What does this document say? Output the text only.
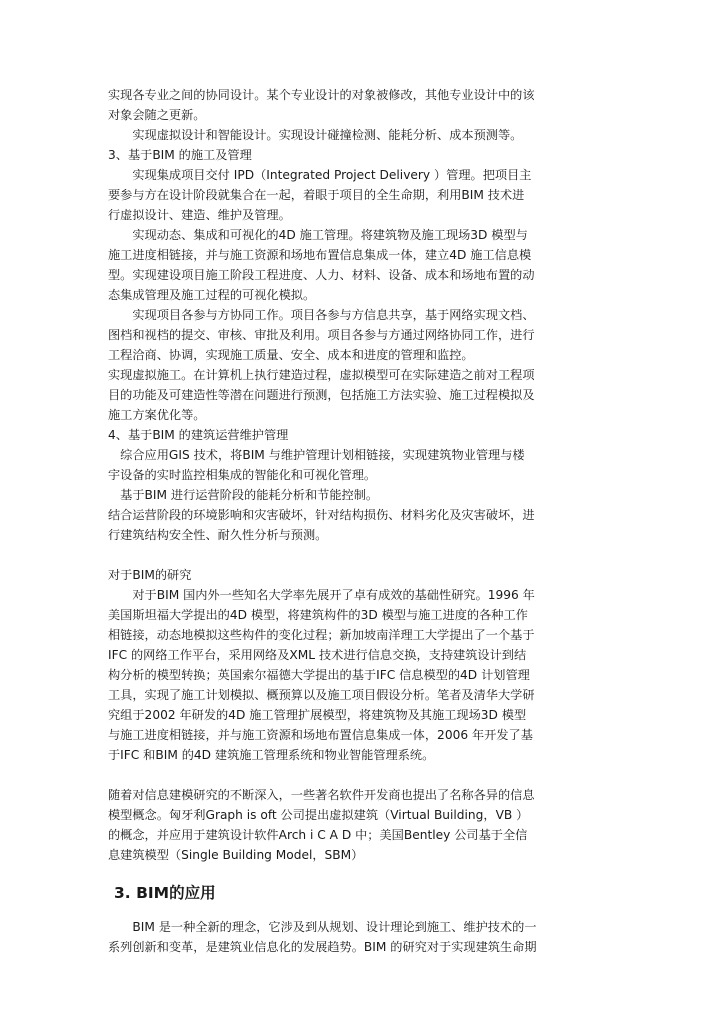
实现各专业之间的协同设计。某个专业设计的对象被修改，其他专业设计中的该
对象会随之更新。
　　实现虚拟设计和智能设计。实现设计碰撞检测、能耗分析、成本预测等。
3、基于BIM 的施工及管理
　　实现集成项目交付 IPD（Integrated Project Delivery ）管理。把项目主
要参与方在设计阶段就集合在一起，着眼于项目的全生命期，利用BIM 技术进
行虚拟设计、建造、维护及管理。
　　实现动态、集成和可视化的4D 施工管理。将建筑物及施工现场3D 模型与
施工进度相链接，并与施工资源和场地布置信息集成一体，建立4D 施工信息模
型。实现建设项目施工阶段工程进度、人力、材料、设备、成本和场地布置的动
态集成管理及施工过程的可视化模拟。
　　实现项目各参与方协同工作。项目各参与方信息共享，基于网络实现文档、
图档和视档的提交、审核、审批及利用。项目各参与方通过网络协同工作，进行
工程洽商、协调，实现施工质量、安全、成本和进度的管理和监控。
实现虚拟施工。在计算机上执行建造过程，虚拟模型可在实际建造之前对工程项
目的功能及可建造性等潜在问题进行预测，包括施工方法实验、施工过程模拟及
施工方案优化等。
4、基于BIM 的建筑运营维护管理
　综合应用GIS 技术，将BIM 与维护管理计划相链接，实现建筑物业管理与楼
宇设备的实时监控相集成的智能化和可视化管理。
　基于BIM 进行运营阶段的能耗分析和节能控制。
结合运营阶段的环境影响和灾害破坏，针对结构损伤、材料劣化及灾害破坏，进
行建筑结构安全性、耐久性分析与预测。
对于BIM的研究
　　对于BIM 国内外一些知名大学率先展开了卓有成效的基础性研究。1996 年
美国斯坦福大学提出的4D 模型，将建筑构件的3D 模型与施工进度的各种工作
相链接，动态地模拟这些构件的变化过程；新加坡南洋理工大学提出了一个基于
IFC 的网络工作平台，采用网络及XML 技术进行信息交换，支持建筑设计到结
构分析的模型转换；英国索尔福德大学提出的基于IFC 信息模型的4D 计划管理
工具，实现了施工计划模拟、概预算以及施工项目假设分析。笔者及清华大学研
究组于2002 年研发的4D 施工管理扩展模型，将建筑物及其施工现场3D 模型
与施工进度相链接，并与施工资源和场地布置信息集成一体，2006 年开发了基
于IFC 和BIM 的4D 建筑施工管理系统和物业智能管理系统。
随着对信息建模研究的不断深入，一些著名软件开发商也提出了名称各异的信息
模型概念。匈牙利Graph is oft 公司提出虚拟建筑（Virtual Building，VB ）
的概念，并应用于建筑设计软件Arch i C A D 中；美国Bentley 公司基于全信
息建筑模型（Single Building Model，SBM）
3. BIM的应用
　　BIM 是一种全新的理念，它涉及到从规划、设计理论到施工、维护技术的一
系列创新和变革，是建筑业信息化的发展趋势。BIM 的研究对于实现建筑生命期
